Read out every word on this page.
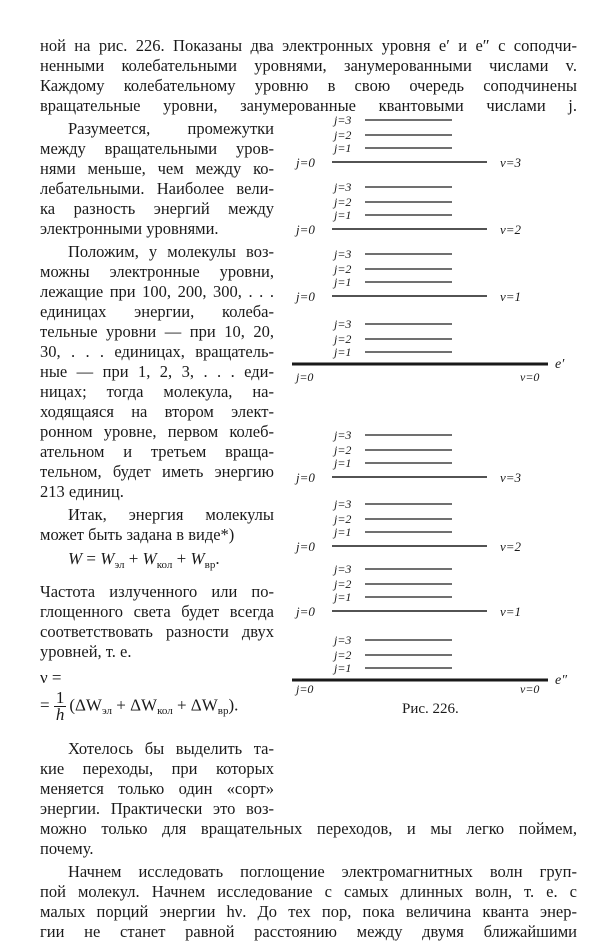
ной на рис. 226. Показаны два электронных уровня e′ и e″ с соподчи-
ненными колебательными уровнями, занумерованными числами v.
Каждому колебательному уровню в свою очередь соподчинены
вращательные уровни, занумерованные квантовыми числами j.
Разумеется, промежутки
между вращательными уров-
нями меньше, чем между ко-
лебательными. Наиболее вели-
ка разность энергий между
электронными уровнями.
Положим, у молекулы воз-
можны электронные уровни,
лежащие при 100, 200, 300, . . .
единицах энергии, колеба-
тельные уровни — при 10, 20,
30, . . . единицах, вращатель-
ные — при 1, 2, 3, . . . еди-
ницах; тогда молекула, на-
ходящаяся на втором элект-
ронном уровне, первом колеб-
ательном и третьем враща-
тельном, будет иметь энергию
213 единиц.
Итак, энергия молекулы
может быть задана в виде*)
$W = W_{эл} + W_{кол} + W_{вр}$.
Частота излученного или по-
глощенного света будет всегда
соответствовать разности двух
уровней, т. е.
ν =
= $\frac{1}{h} (\Delta W_{эл} + \Delta W_{кол} + \Delta W_{вр})$.
Хотелось бы выделить та-
кие переходы, при которых
меняется только один «сорт»
энергии. Практически это воз-
можно только для вращательных переходов, и мы легко поймем,
почему.
Начнем исследовать поглощение электромагнитных волн груп-
пой молекул. Начнем исследование с самых длинных волн, т. е. с
малых порций энергии hν. До тех пор, пока величина кванта энер-
гии не станет равной расстоянию между двумя ближайшими
j=3
j=2
j=1
j=0	v=3
j=3
j=2
j=1
j=0	v=2
j=3
j=2
j=1
j=0	v=1
j=3
j=2
j=1
j=0	v=0
e′
j=3
j=2
j=1
j=0	v=3
j=3
j=2
j=1
j=0	v=2
j=3
j=2
j=1
j=0	v=1
j=3
j=2
j=1
j=0	v=0
e″
Рис. 226.
